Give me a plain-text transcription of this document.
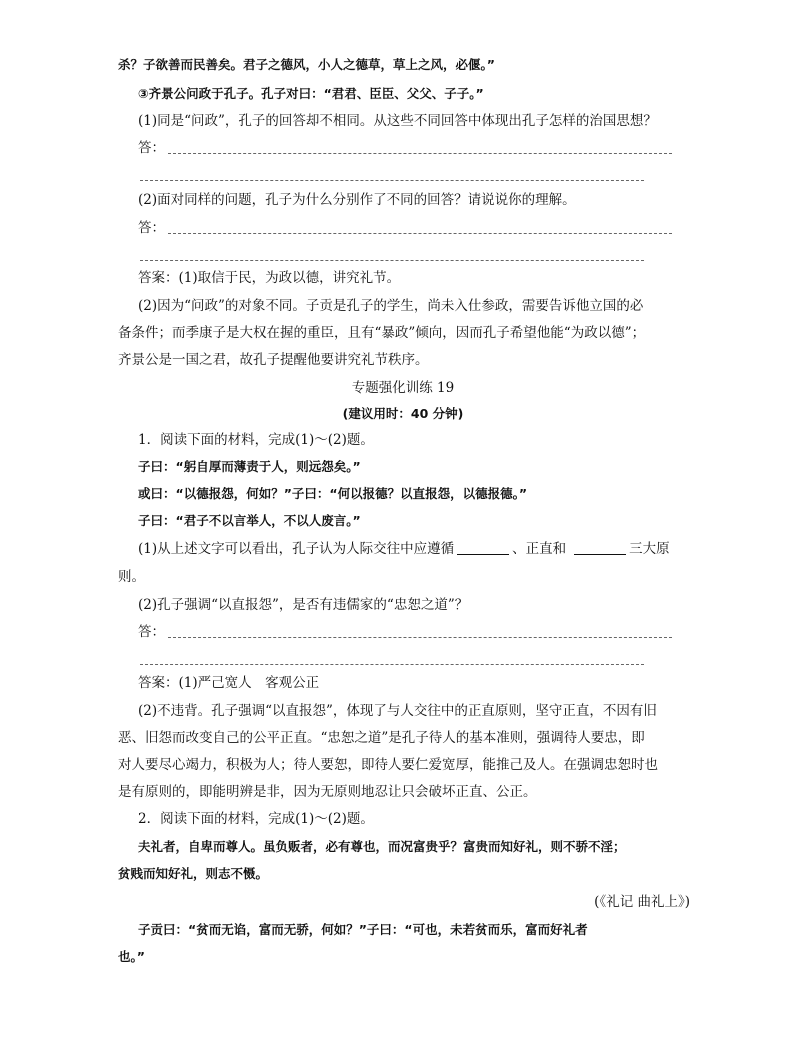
杀？子欲善而民善矣。君子之德风，小人之德草，草上之风，必偃。”
③齐景公问政于孔子。孔子对曰：“君君、臣臣、父父、子子。”
(1)同是“问政”，孔子的回答却不相同。从这些不同回答中体现出孔子怎样的治国思想？
答：
(2)面对同样的问题，孔子为什么分别作了不同的回答？请说说你的理解。
答：
答案：(1)取信于民，为政以德，讲究礼节。
(2)因为“问政”的对象不同。子贡是孔子的学生，尚未入仕参政，需要告诉他立国的必
备条件；而季康子是大权在握的重臣，且有“暴政”倾向，因而孔子希望他能“为政以德”；
齐景公是一国之君，故孔子提醒他要讲究礼节秩序。
专题强化训练 19
(建议用时：40 分钟)
1．阅读下面的材料，完成(1)～(2)题。
子曰：“躬自厚而薄责于人，则远怨矣。”
或曰：“以德报怨，何如？”子曰：“何以报德？以直报怨，以德报德。”
子曰：“君子不以言举人，不以人废言。”
(1)从上述文字可以看出，孔子认为人际交往中应遵循	、正直和	三大原
则。
(2)孔子强调“以直报怨”，是否有违儒家的“忠恕之道”？
答：
答案：(1)严己宽人　客观公正
(2)不违背。孔子强调“以直报怨”，体现了与人交往中的正直原则，坚守正直，不因有旧
恶、旧怨而改变自己的公平正直。“忠恕之道”是孔子待人的基本准则，强调待人要忠，即
对人要尽心竭力，积极为人；待人要恕，即待人要仁爱宽厚，能推己及人。在强调忠恕时也
是有原则的，即能明辨是非，因为无原则地忍让只会破坏正直、公正。
2．阅读下面的材料，完成(1)～(2)题。
夫礼者，自卑而尊人。虽负贩者，必有尊也，而况富贵乎？富贵而知好礼，则不骄不淫；
贫贱而知好礼，则志不慑。
(《礼记 曲礼上》)
子贡曰：“贫而无谄，富而无骄，何如？”子曰：“可也，未若贫而乐，富而好礼者
也。”
